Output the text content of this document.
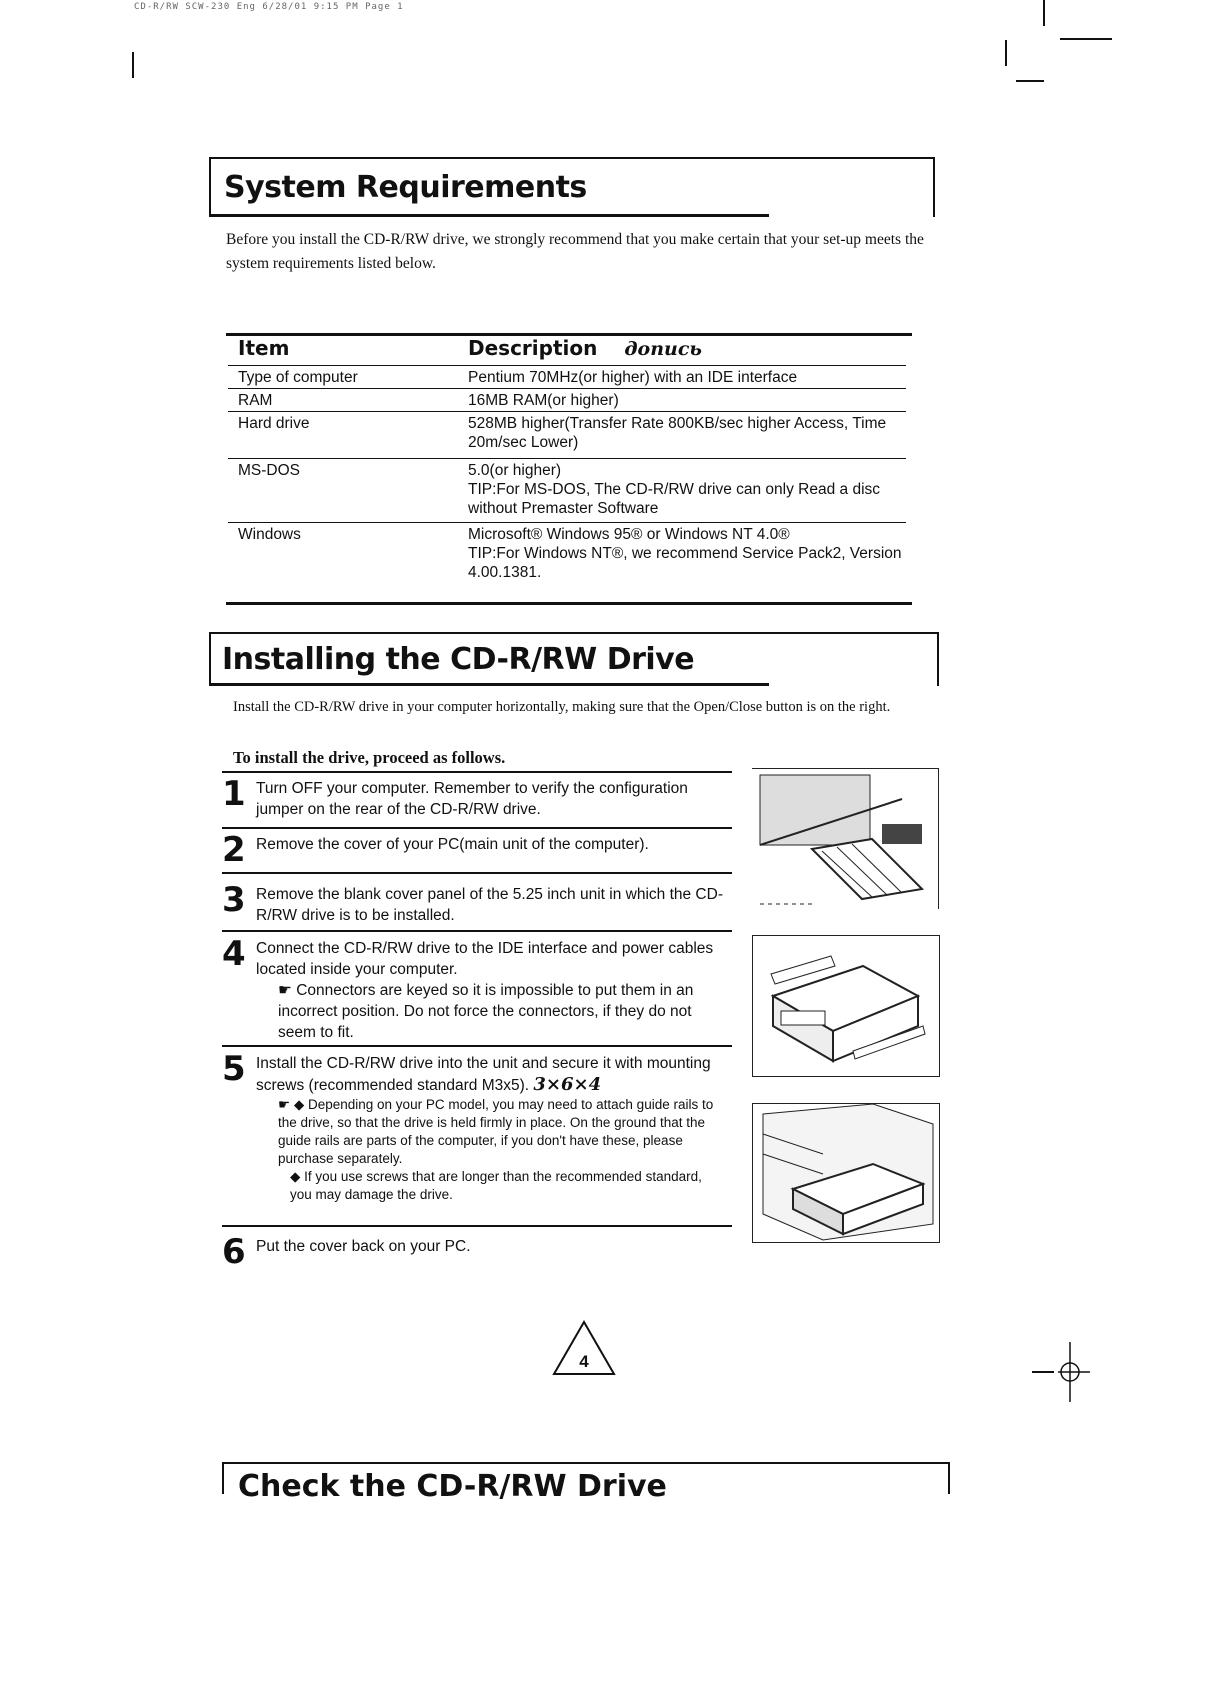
CD-R/RW SCW-230 Eng 6/28/01 9:15 PM Page 1
System Requirements
Before you install the CD-R/RW drive, we strongly recommend that you make certain that your set-up meets the system requirements listed below.
Item	Description допись
Type of computer	Pentium 70MHz(or higher) with an IDE interface
RAM	16MB RAM(or higher)
Hard drive	528MB higher(Transfer Rate 800KB/sec higher Access, Time 20m/sec Lower)
MS-DOS	5.0(or higher)
TIP:For MS-DOS, The CD-R/RW drive can only Read a disc without Premaster Software

Windows	Microsoft® Windows 95® or Windows NT 4.0®
TIP:For Windows NT®, we recommend Service Pack2, Version 4.00.1381.
Installing the CD-R/RW Drive
Install the CD-R/RW drive in your computer horizontally, making sure that the Open/Close button is on the right.
To install the drive, proceed as follows.
1 Turn OFF your computer. Remember to verify the configuration jumper on the rear of the CD-R/RW drive.
2 Remove the cover of your PC(main unit of the computer).
3 Remove the blank cover panel of the 5.25 inch unit in which the CD-R/RW drive is to be installed.
4 Connect the CD-R/RW drive to the IDE interface and power cables located inside your computer.
☛ Connectors are keyed so it is impossible to put them in an incorrect position. Do not force the connectors, if they do not seem to fit.
5 Install the CD-R/RW drive into the unit and secure it with mounting screws (recommended standard M3x5). 3×6×4
☛ ◆ Depending on your PC model, you may need to attach guide rails to the drive, so that the drive is held firmly in place. On the ground that the guide rails are parts of the computer, if you don't have these, please purchase separately.
◆ If you use screws that are longer than the recommended standard, you may damage the drive.
6 Put the cover back on your PC.
4
Check the CD-R/RW Drive
